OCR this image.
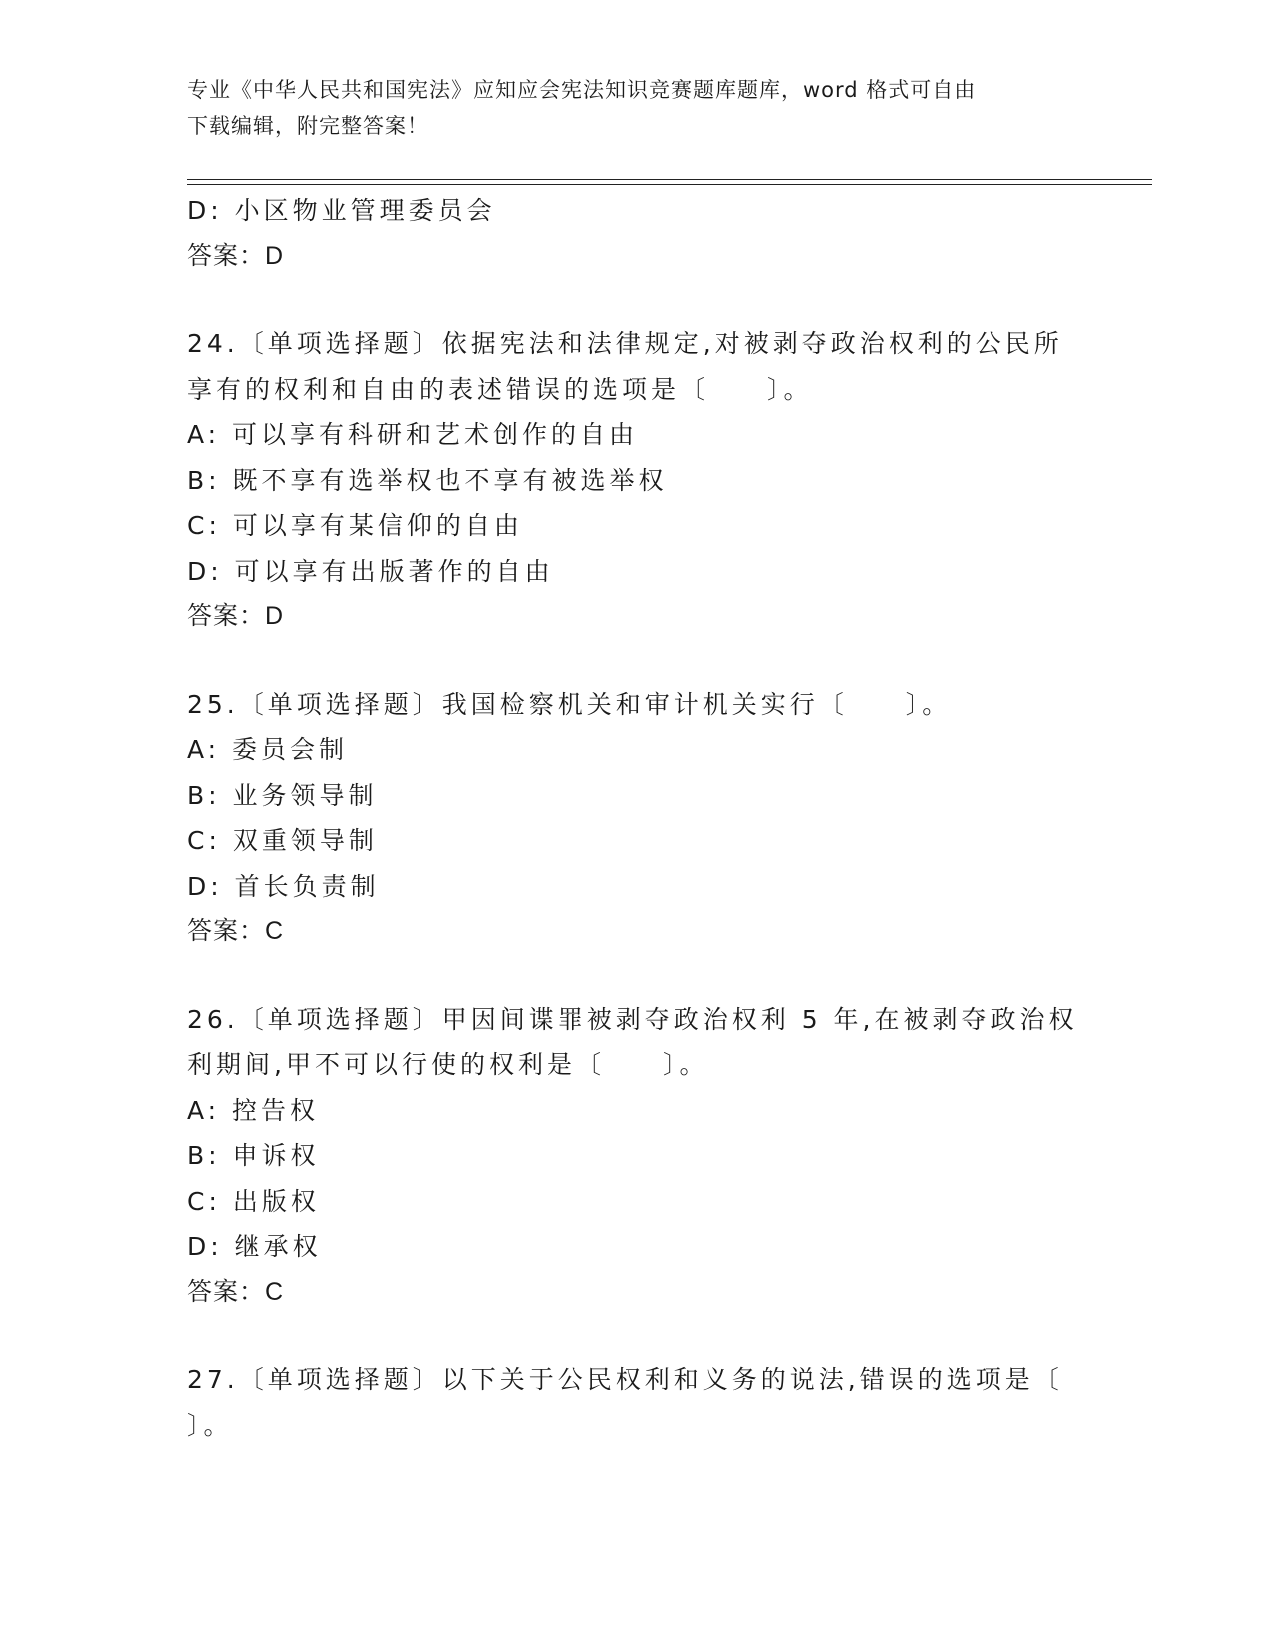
专业《中华人民共和国宪法》应知应会宪法知识竞赛题库题库，word 格式可自由
下载编辑，附完整答案！
D: 小区物业管理委员会
答案：D
24.〔单项选择题〕依据宪法和法律规定,对被剥夺政治权利的公民所
享有的权利和自由的表述错误的选项是〔　　〕。
A: 可以享有科研和艺术创作的自由
B: 既不享有选举权也不享有被选举权
C: 可以享有某信仰的自由
D: 可以享有出版著作的自由
答案：D
25.〔单项选择题〕我国检察机关和审计机关实行〔　　〕。
A: 委员会制
B: 业务领导制
C: 双重领导制
D: 首长负责制
答案：C
26.〔单项选择题〕甲因间谍罪被剥夺政治权利 5 年,在被剥夺政治权
利期间,甲不可以行使的权利是〔　　〕。
A: 控告权
B: 申诉权
C: 出版权
D: 继承权
答案：C
27.〔单项选择题〕以下关于公民权利和义务的说法,错误的选项是〔
〕。
